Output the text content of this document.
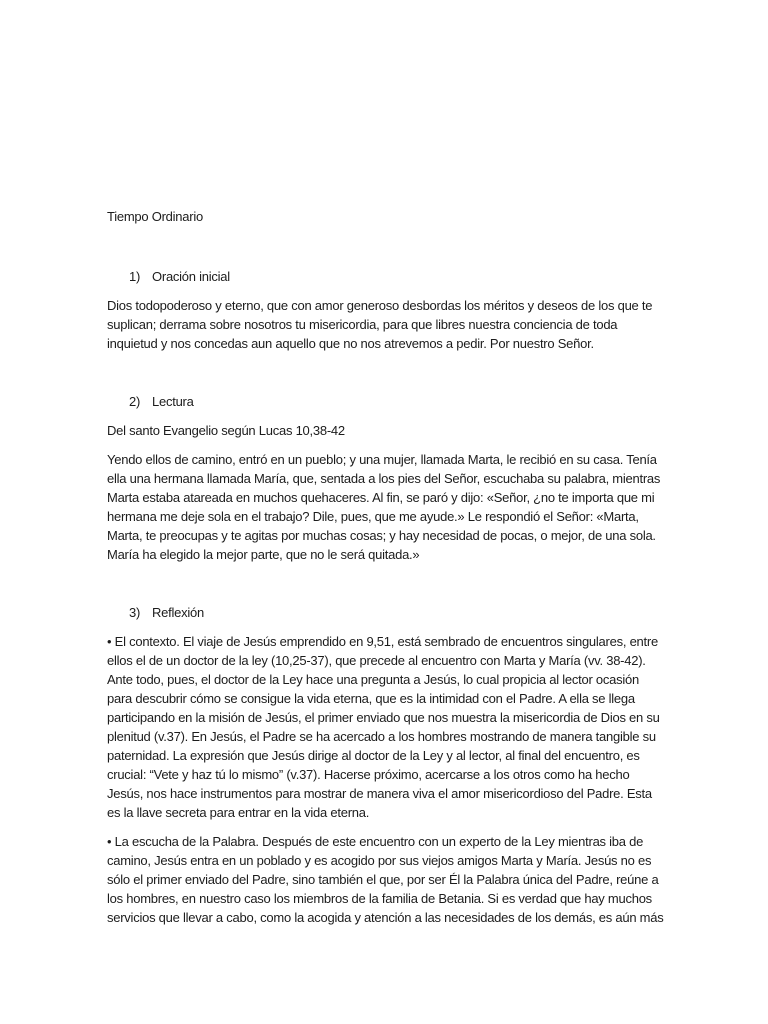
Tiempo Ordinario

1) Oración inicial

Dios todopoderoso y eterno, que con amor generoso desbordas los méritos y deseos de los que te suplican; derrama sobre nosotros tu misericordia, para que libres nuestra conciencia de toda inquietud y nos concedas aun aquello que no nos atrevemos a pedir. Por nuestro Señor.

2) Lectura

Del santo Evangelio según Lucas 10,38-42

Yendo ellos de camino, entró en un pueblo; y una mujer, llamada Marta, le recibió en su casa. Tenía ella una hermana llamada María, que, sentada a los pies del Señor, escuchaba su palabra, mientras Marta estaba atareada en muchos quehaceres. Al fin, se paró y dijo: «Señor, ¿no te importa que mi hermana me deje sola en el trabajo? Dile, pues, que me ayude.» Le respondió el Señor: «Marta, Marta, te preocupas y te agitas por muchas cosas; y hay necesidad de pocas, o mejor, de una sola. María ha elegido la mejor parte, que no le será quitada.»

3) Reflexión

• El contexto. El viaje de Jesús emprendido en 9,51, está sembrado de encuentros singulares, entre ellos el de un doctor de la ley (10,25-37), que precede al encuentro con Marta y María (vv. 38-42). Ante todo, pues, el doctor de la Ley hace una pregunta a Jesús, lo cual propicia al lector ocasión para descubrir cómo se consigue la vida eterna, que es la intimidad con el Padre. A ella se llega participando en la misión de Jesús, el primer enviado que nos muestra la misericordia de Dios en su plenitud (v.37). En Jesús, el Padre se ha acercado a los hombres mostrando de manera tangible su paternidad. La expresión que Jesús dirige al doctor de la Ley y al lector, al final del encuentro, es crucial: “Vete y haz tú lo mismo” (v.37). Hacerse próximo, acercarse a los otros como ha hecho Jesús, nos hace instrumentos para mostrar de manera viva el amor misericordioso del Padre. Esta es la llave secreta para entrar en la vida eterna.

• La escucha de la Palabra. Después de este encuentro con un experto de la Ley mientras iba de camino, Jesús entra en un poblado y es acogido por sus viejos amigos Marta y María. Jesús no es sólo el primer enviado del Padre, sino también el que, por ser Él la Palabra única del Padre, reúne a los hombres, en nuestro caso los miembros de la familia de Betania. Si es verdad que hay muchos servicios que llevar a cabo, como la acogida y atención a las necesidades de los demás, es aún más
